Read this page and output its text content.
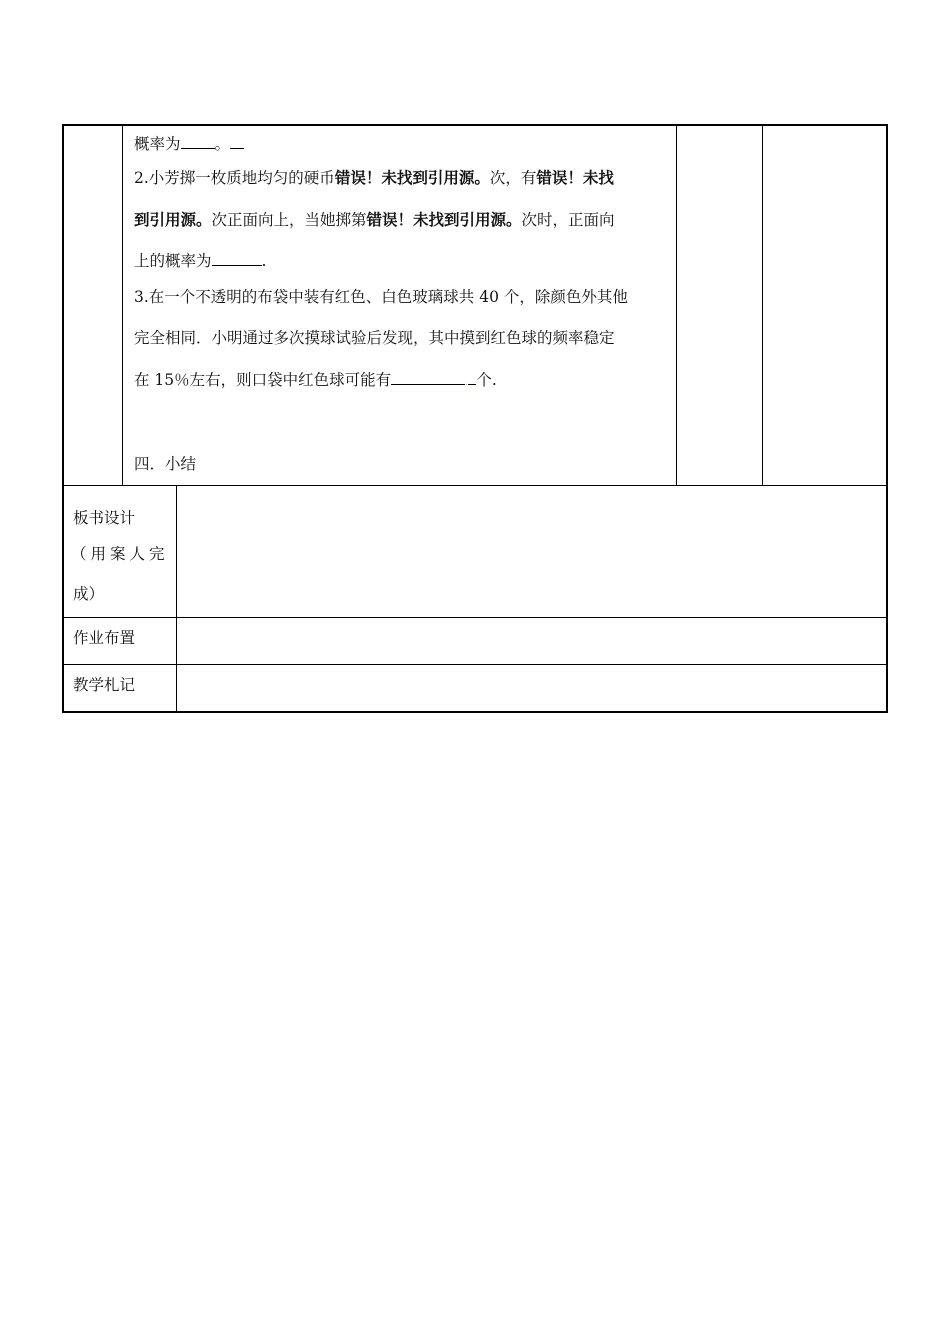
概率为 。
2.小芳掷一枚质地均匀的硬币错误！未找到引用源。次，有错误！未找
到引用源。次正面向上，当她掷第错误！未找到引用源。次时，正面向
上的概率为	.
3.在一个不透明的布袋中装有红色、白色玻璃球共 40 个，除颜色外其他
完全相同．小明通过多次摸球试验后发现，其中摸到红色球的频率稳定
在 15％左右，则口袋中红色球可能有	. 个.
四．小结
板书设计
（用案人完
成）
作业布置
教学札记
